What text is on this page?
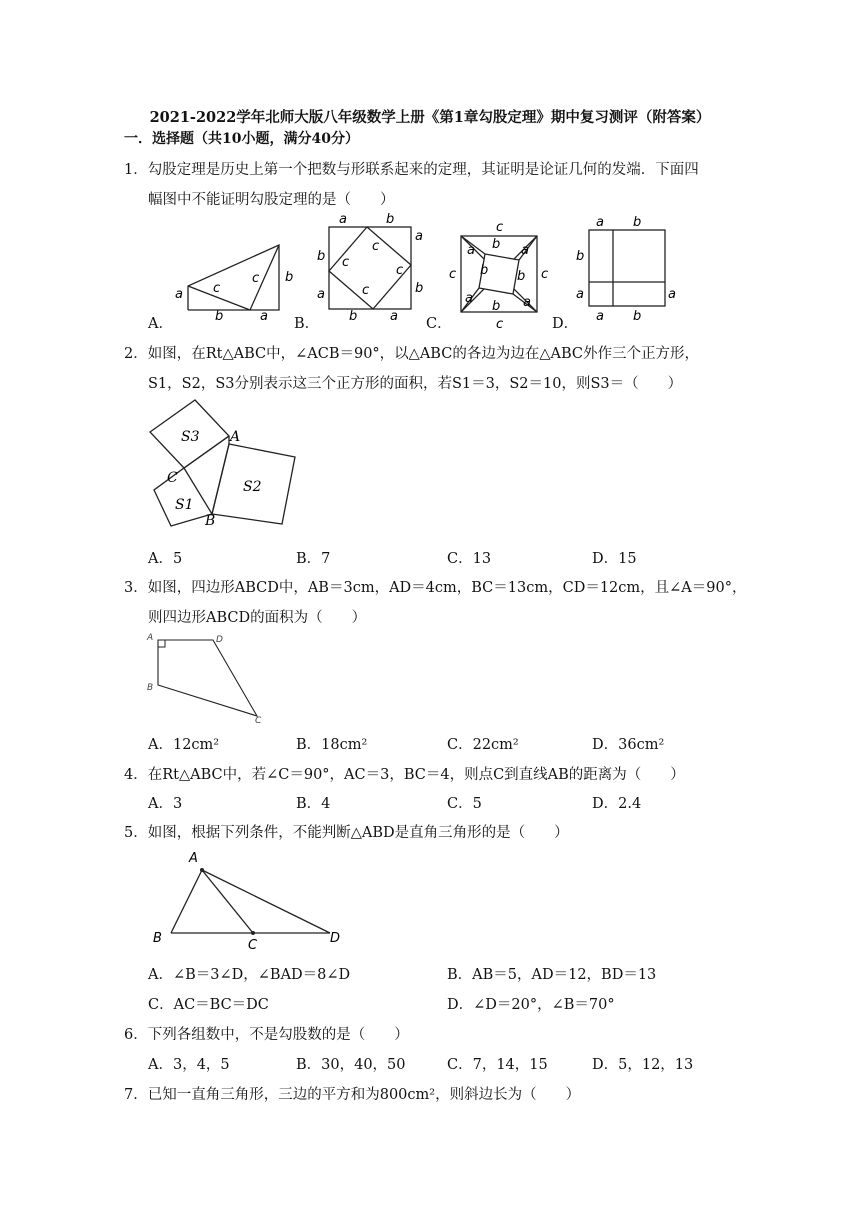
2021-2022学年北师大版八年级数学上册《第1章勾股定理》期中复习测评（附答案）
一．选择题（共10小题，满分40分）
1．勾股定理是历史上第一个把数与形联系起来的定理，其证明是论证几何的发端．下面四
幅图中不能证明勾股定理的是（　　）
a
b	a
b
c
c
a	b
a
b
b
a
b	a
c
c
c
c
c
c
c	c
a b a
b b
a
b a
a b
b
a	a
a b
A．	B．	C．	D．
2．如图，在Rt△ABC中，∠ACB＝90°，以△ABC的各边为边在△ABC外作三个正方形，
S1，S2，S3分别表示这三个正方形的面积，若S1＝3，S2＝10，则S3＝（　　）
S3
S2
S1
A
C
B
A．5	B．7	C．13	D．15
3．如图，四边形ABCD中，AB＝3cm，AD＝4cm，BC＝13cm，CD＝12cm，且∠A＝90°，
则四边形ABCD的面积为（　　）
A	D
B
C
A．12cm²	B．18cm²	C．22cm²	D．36cm²
4．在Rt△ABC中，若∠C＝90°，AC＝3，BC＝4，则点C到直线AB的距离为（　　）
A．3	B．4	C．5	D．2.4
5．如图，根据下列条件，不能判断△ABD是直角三角形的是（　　）
A
B	C	D
A．∠B＝3∠D，∠BAD＝8∠D	B．AB＝5，AD＝12，BD＝13
C．AC＝BC＝DC	D．∠D＝20°，∠B＝70°
6．下列各组数中，不是勾股数的是（　　）
A．3，4，5	B．30，40，50	C．7，14，15	D．5，12，13
7．已知一直角三角形，三边的平方和为800cm²，则斜边长为（　　）
